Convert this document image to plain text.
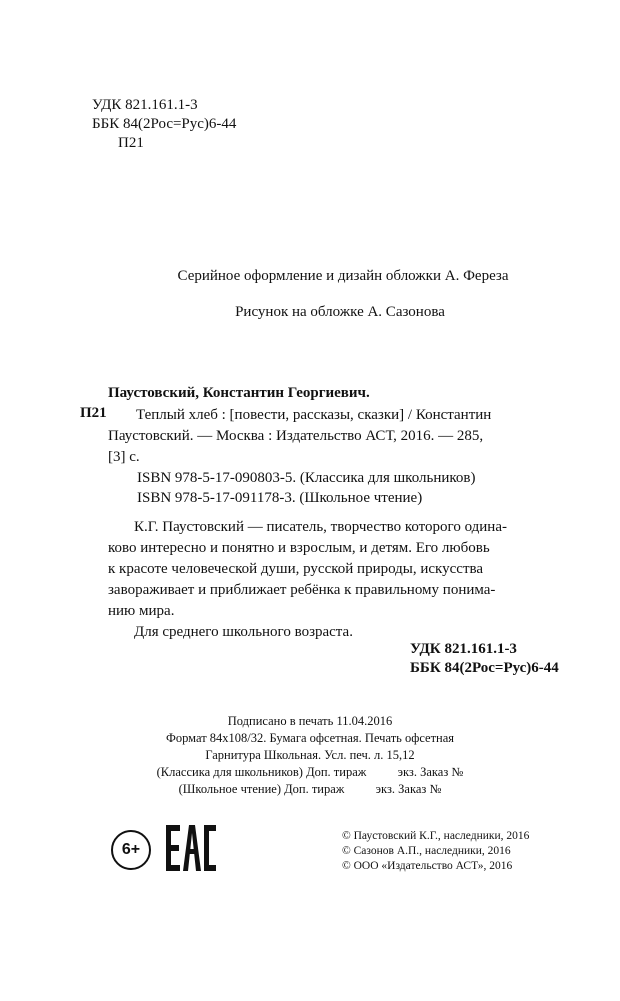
УДК 821.161.1-3
ББК 84(2Рос=Рус)6-44
П21
Серийное оформление и дизайн обложки А. Фереза
Рисунок на обложке А. Сазонова
Паустовский, Константин Георгиевич.
П21	Теплый хлеб : [повести, рассказы, сказки] / Константин
Паустовский. — Москва : Издательство АСТ, 2016. — 285,
[3] с.
ISBN 978-5-17-090803-5. (Классика для школьников)
ISBN 978-5-17-091178-3. (Школьное чтение)
К.Г. Паустовский — писатель, творчество которого одина-
ково интересно и понятно и взрослым, и детям. Его любовь
к красоте человеческой души, русской природы, искусства
завораживает и приближает ребёнка к правильному понима-
нию мира.
Для среднего школьного возраста.
УДК 821.161.1-3
ББК 84(2Рос=Рус)6-44
Подписано в печать 11.04.2016
Формат 84x108/32. Бумага офсетная. Печать офсетная
Гарнитура Школьная. Усл. печ. л. 15,12
(Классика для школьников) Доп. тираж          экз. Заказ №
(Школьное чтение) Доп. тираж          экз. Заказ №
6+
© Паустовский К.Г., наследники, 2016
© Сазонов А.П., наследники, 2016
© ООО «Издательство АСТ», 2016
